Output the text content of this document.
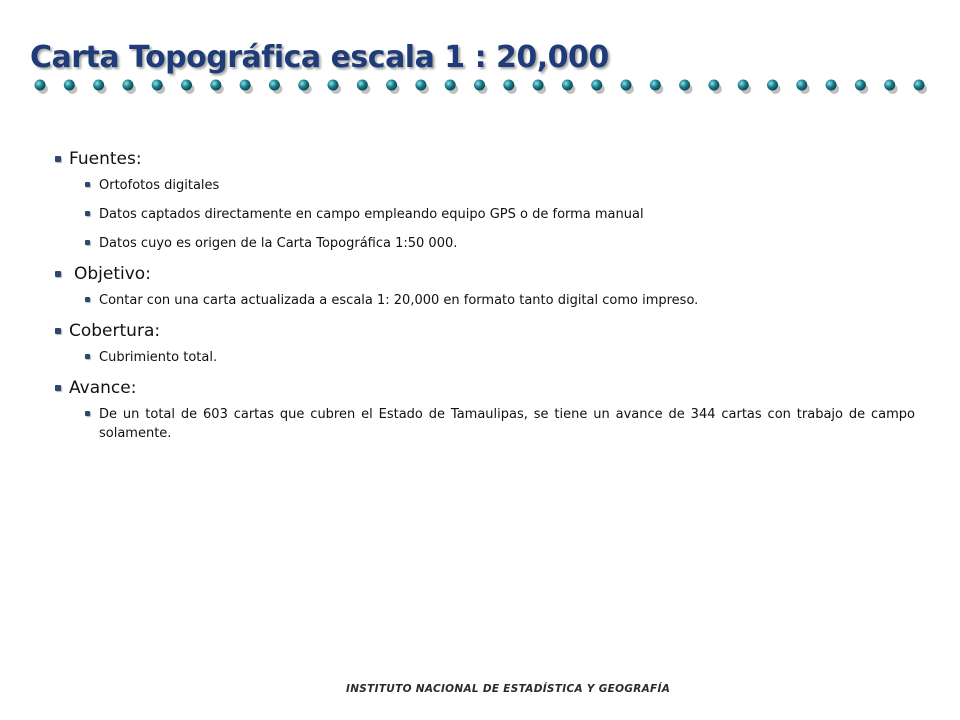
Carta Topográfica escala 1 : 20,000
Fuentes:
Ortofotos digitales
Datos captados directamente en campo empleando equipo GPS o de forma manual
Datos cuyo es origen de la Carta Topográfica 1:50 000.
Objetivo:
Contar con una carta actualizada a escala 1: 20,000 en formato tanto digital como impreso.
Cobertura:
Cubrimiento total.
Avance:
De un total de 603 cartas que cubren el Estado de Tamaulipas, se tiene un avance de 344 cartas con trabajo de campo solamente.
INSTITUTO NACIONAL DE ESTADÍSTICA Y GEOGRAFÍA
